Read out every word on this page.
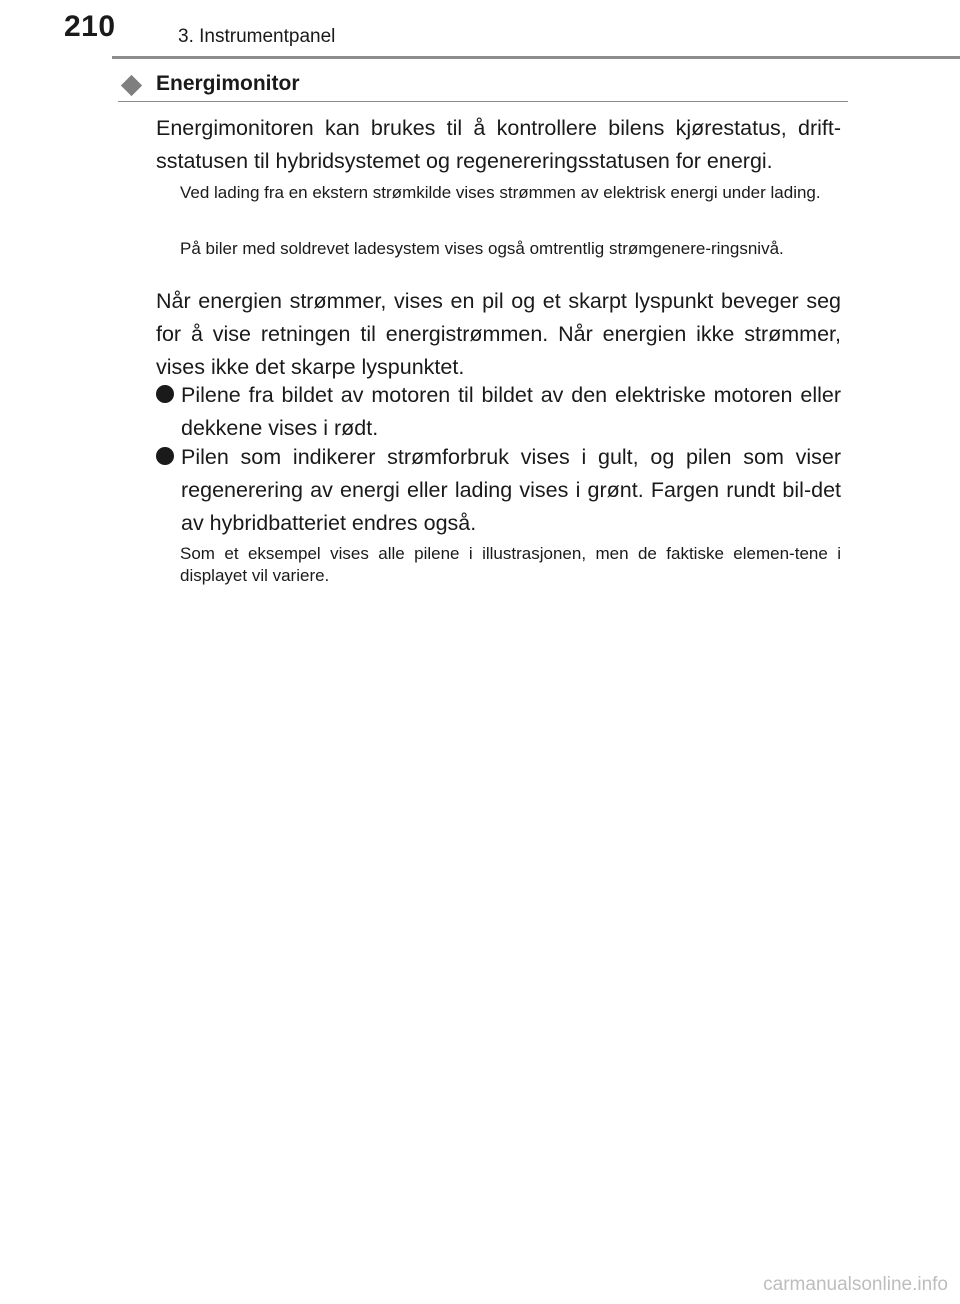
210	3. Instrumentpanel
Energimonitor
Energimonitoren kan brukes til å kontrollere bilens kjørestatus, drift-sstatusen til hybridsystemet og regenereringsstatusen for energi.
Ved lading fra en ekstern strømkilde vises strømmen av elektrisk energi under lading.
På biler med soldrevet ladesystem vises også omtrentlig strømgenere-ringsnivå.
Når energien strømmer, vises en pil og et skarpt lyspunkt beveger seg for å vise retningen til energistrømmen. Når energien ikke strømmer, vises ikke det skarpe lyspunktet.
Pilene fra bildet av motoren til bildet av den elektriske motoren eller dekkene vises i rødt.
Pilen som indikerer strømforbruk vises i gult, og pilen som viser regenerering av energi eller lading vises i grønt. Fargen rundt bil-det av hybridbatteriet endres også.
Som et eksempel vises alle pilene i illustrasjonen, men de faktiske elemen-tene i displayet vil variere.
carmanualsonline.info
